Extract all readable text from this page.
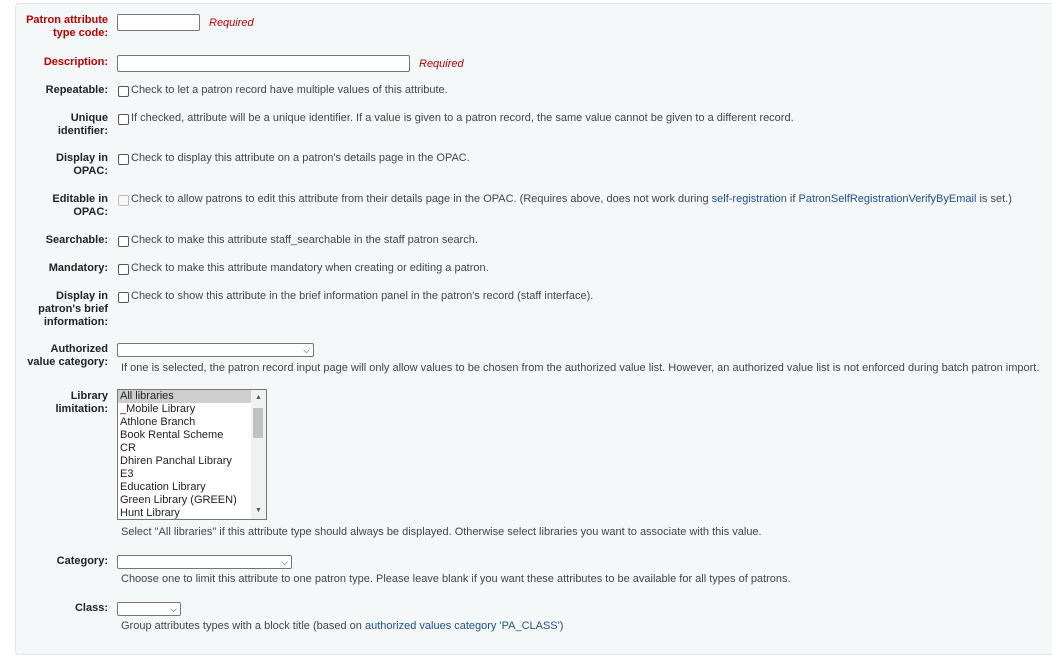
Patron attribute
type code:
Required
Description:	Required
Repeatable: Check to let a patron record have multiple values of this attribute.
Unique
identifier:
If checked, attribute will be a unique identifier. If a value is given to a patron record, the same value cannot be given to a different record.
Display in
OPAC:
Check to display this attribute on a patron's details page in the OPAC.
Editable in
OPAC:
Check to allow patrons to edit this attribute from their details page in the OPAC. (Requires above, does not work during self-registration if PatronSelfRegistrationVerifyByEmail is set.)
Searchable: Check to make this attribute staff_searchable in the staff patron search.
Mandatory: Check to make this attribute mandatory when creating or editing a patron.
Display in
patron's brief
information:
Check to show this attribute in the brief information panel in the patron's record (staff interface).
Authorized
value category:
⌵
If one is selected, the patron record input page will only allow values to be chosen from the authorized value list. However, an authorized value list is not enforced during batch patron import.
Library
limitation:
All libraries
_Mobile Library
Athlone Branch
Book Rental Scheme
CR
Dhiren Panchal Library
E3
Education Library
Green Library (GREEN)
Hunt Library
▲
▼
Select "All libraries" if this attribute type should always be displayed. Otherwise select libraries you want to associate with this value.
Category:	⌵
Choose one to limit this attribute to one patron type. Please leave blank if you want these attributes to be available for all types of patrons.
Class:	⌵
Group attributes types with a block title (based on authorized values category 'PA_CLASS')
